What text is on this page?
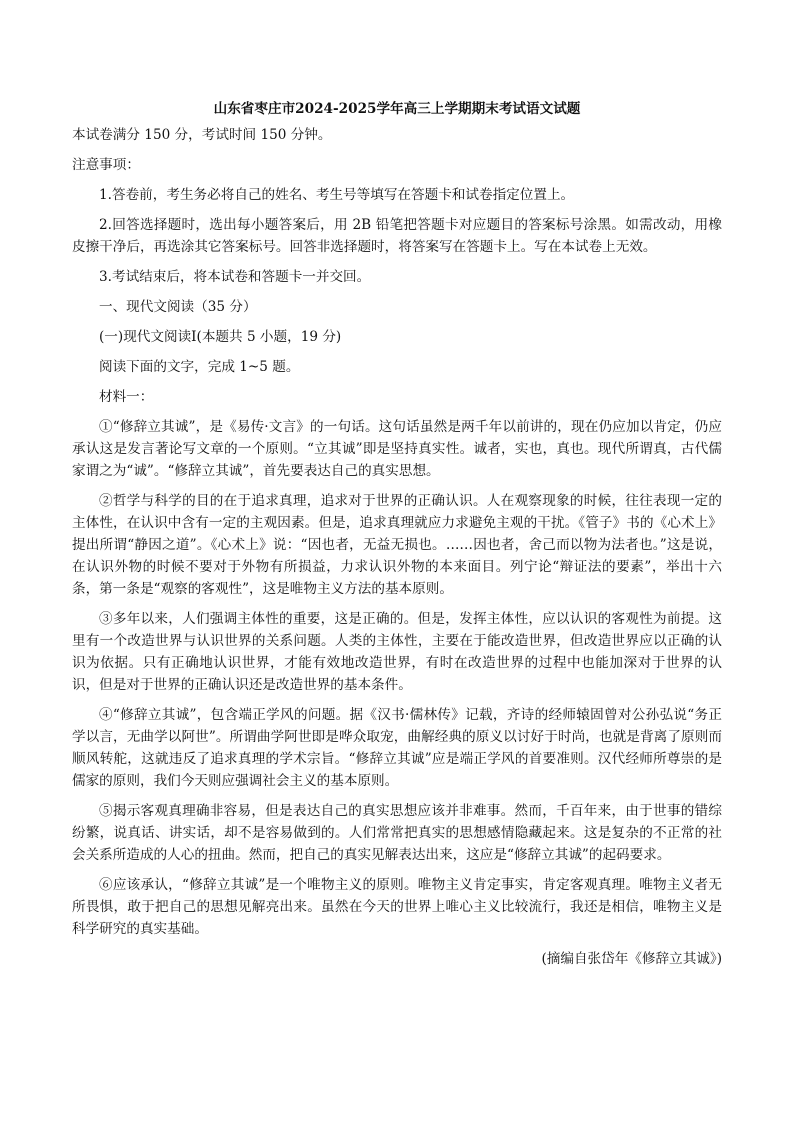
山东省枣庄市2024-2025学年高三上学期期末考试语文试题
本试卷满分 150 分，考试时间 150 分钟。
注意事项：
1.答卷前，考生务必将自己的姓名、考生号等填写在答题卡和试卷指定位置上。
2.回答选择题时，选出每小题答案后，用 2B 铅笔把答题卡对应题目的答案标号涂黑。如需改动，用橡皮擦干净后，再选涂其它答案标号。回答非选择题时，将答案写在答题卡上。写在本试卷上无效。
3.考试结束后，将本试卷和答题卡一并交回。
一、现代文阅读（35 分）
(一)现代文阅读Ⅰ(本题共 5 小题，19 分)
阅读下面的文字，完成 1~5 题。
材料一：
①“修辞立其诚”，是《易传·文言》的一句话。这句话虽然是两千年以前讲的，现在仍应加以肯定，仍应承认这是发言著论写文章的一个原则。“立其诚”即是坚持真实性。诚者，实也，真也。现代所谓真，古代儒家谓之为“诚”。“修辞立其诚”，首先要表达自己的真实思想。
②哲学与科学的目的在于追求真理，追求对于世界的正确认识。人在观察现象的时候，往往表现一定的主体性，在认识中含有一定的主观因素。但是，追求真理就应力求避免主观的干扰。《管子》书的《心术上》提出所谓“静因之道”。《心术上》说：“因也者，无益无损也。……因也者，舍己而以物为法者也。”这是说，在认识外物的时候不要对于外物有所损益，力求认识外物的本来面目。列宁论“辩证法的要素”，举出十六条，第一条是“观察的客观性”，这是唯物主义方法的基本原则。
③多年以来，人们强调主体性的重要，这是正确的。但是，发挥主体性，应以认识的客观性为前提。这里有一个改造世界与认识世界的关系问题。人类的主体性，主要在于能改造世界，但改造世界应以正确的认识为依据。只有正确地认识世界，才能有效地改造世界，有时在改造世界的过程中也能加深对于世界的认识，但是对于世界的正确认识还是改造世界的基本条件。
④“修辞立其诚”，包含端正学风的问题。据《汉书·儒林传》记载，齐诗的经师辕固曾对公孙弘说“务正学以言，无曲学以阿世”。所谓曲学阿世即是哗众取宠，曲解经典的原义以讨好于时尚，也就是背离了原则而顺风转舵，这就违反了追求真理的学术宗旨。“修辞立其诚”应是端正学风的首要准则。汉代经师所尊崇的是儒家的原则，我们今天则应强调社会主义的基本原则。
⑤揭示客观真理确非容易，但是表达自己的真实思想应该并非难事。然而，千百年来，由于世事的错综纷繁，说真话、讲实话，却不是容易做到的。人们常常把真实的思想感情隐藏起来。这是复杂的不正常的社会关系所造成的人心的扭曲。然而，把自己的真实见解表达出来，这应是“修辞立其诚”的起码要求。
⑥应该承认，“修辞立其诚”是一个唯物主义的原则。唯物主义肯定事实，肯定客观真理。唯物主义者无所畏惧，敢于把自己的思想见解亮出来。虽然在今天的世界上唯心主义比较流行，我还是相信，唯物主义是科学研究的真实基础。
(摘编自张岱年《修辞立其诚》)
